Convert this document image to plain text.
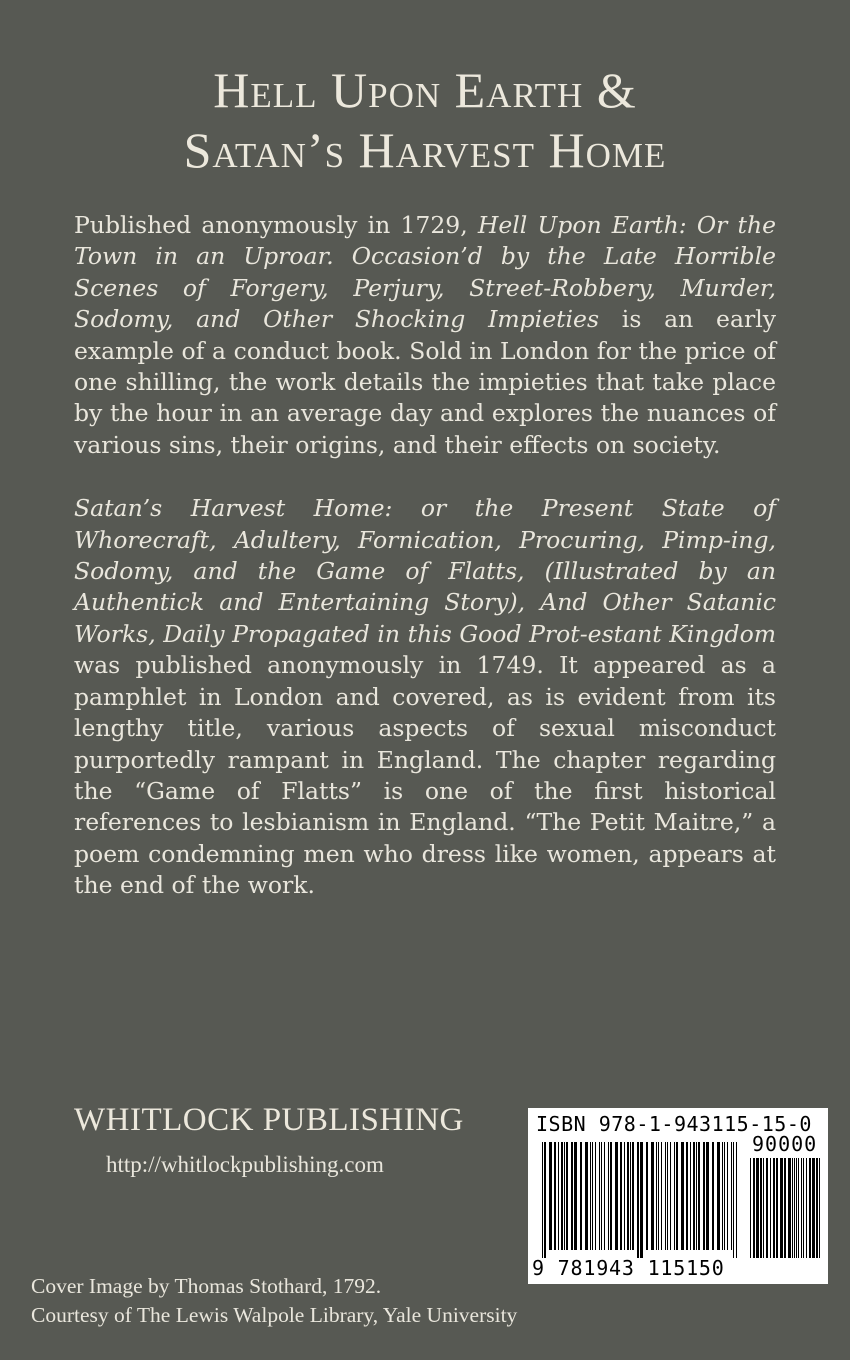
Hell Upon Earth &
Satan’s Harvest Home

Published anonymously in 1729, Hell Upon Earth: Or the Town in an Uproar. Occasion’d by the Late Horrible Scenes of Forgery, Perjury, Street-Robbery, Murder, Sodomy, and Other Shocking Impieties is an early example of a conduct book. Sold in London for the price of one shilling, the work details the impieties that take place by the hour in an average day and explores the nuances of various sins, their origins, and their effects on society.

Satan’s Harvest Home: or the Present State of Whorecraft, Adultery, Fornication, Procuring, Pimp-ing, Sodomy, and the Game of Flatts, (Illustrated by an Authentick and Entertaining Story), And Other Satanic Works, Daily Propagated in this Good Prot-estant Kingdom was published anonymously in 1749. It appeared as a pamphlet in London and covered, as is evident from its lengthy title, various aspects of sexual misconduct purportedly rampant in England. The chapter regarding the “Game of Flatts” is one of the first historical references to lesbianism in England. “The Petit Maitre,” a poem condemning men who dress like women, appears at the end of the work.

WHITLOCK PUBLISHING
http://whitlockpublishing.com
ISBN 978-1-943115-15-0
90000
9 781943 115150
Cover Image by Thomas Stothard, 1792.
Courtesy of The Lewis Walpole Library, Yale University
